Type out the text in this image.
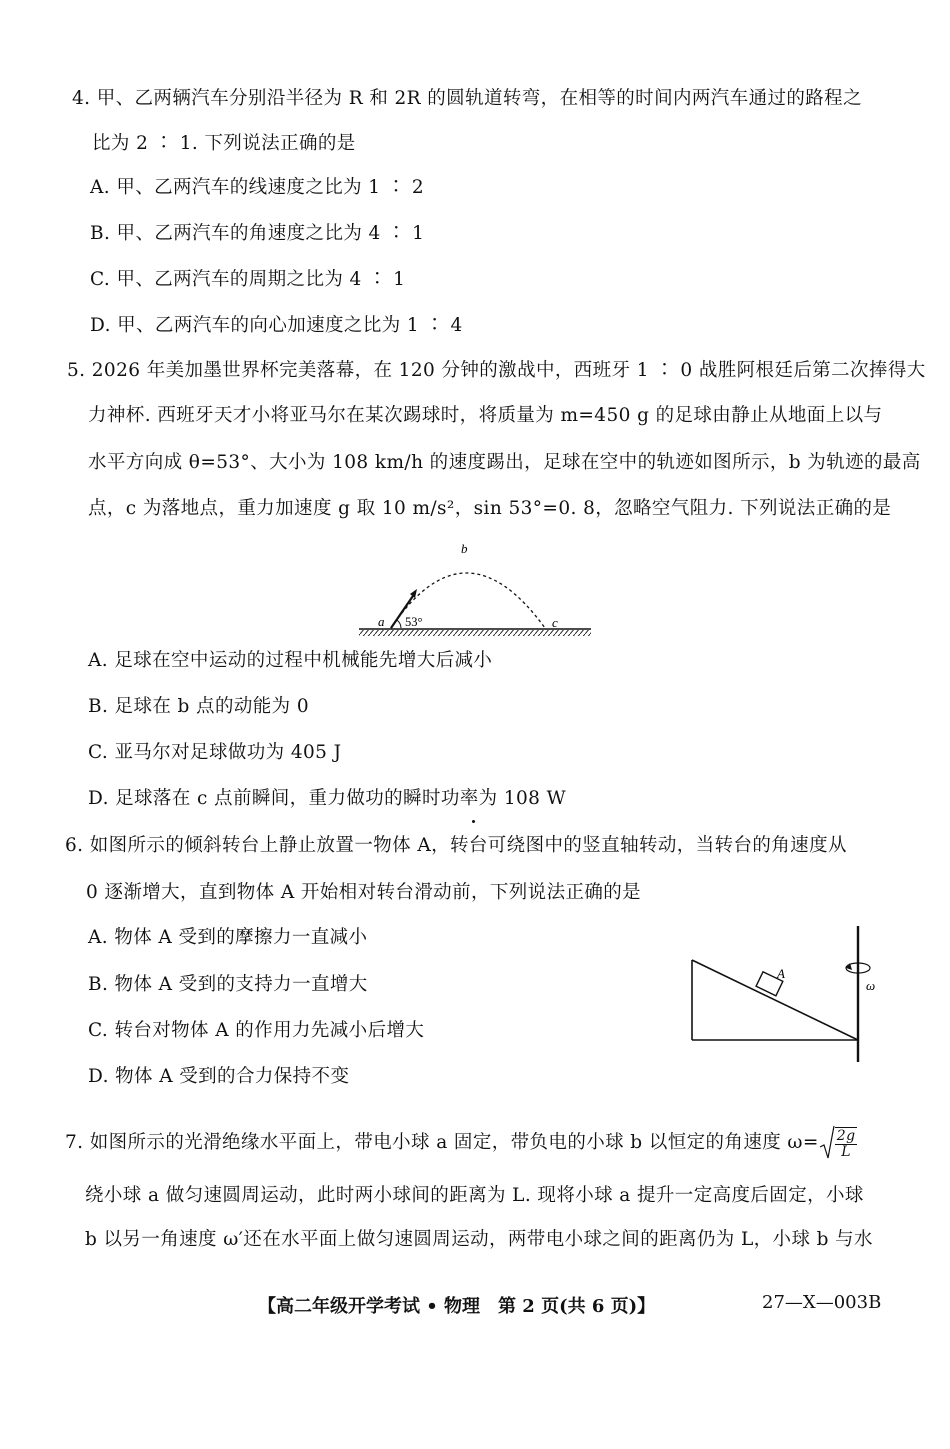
4. 甲、乙两辆汽车分别沿半径为 R 和 2R 的圆轨道转弯，在相等的时间内两汽车通过的路程之
比为 2 ∶ 1. 下列说法正确的是
A. 甲、乙两汽车的线速度之比为 1 ∶ 2
B. 甲、乙两汽车的角速度之比为 4 ∶ 1
C. 甲、乙两汽车的周期之比为 4 ∶ 1
D. 甲、乙两汽车的向心加速度之比为 1 ∶ 4
5. 2026 年美加墨世界杯完美落幕，在 120 分钟的激战中，西班牙 1 ∶ 0 战胜阿根廷后第二次捧得大
力神杯. 西班牙天才小将亚马尔在某次踢球时，将质量为 m=450 g 的足球由静止从地面上以与
水平方向成 θ=53°、大小为 108 km/h 的速度踢出，足球在空中的轨迹如图所示，b 为轨迹的最高
点，c 为落地点，重力加速度 g 取 10 m/s²，sin 53°=0. 8，忽略空气阻力. 下列说法正确的是
a 53°
b
c
A. 足球在空中运动的过程中机械能先增大后减小
B. 足球在 b 点的动能为 0
C. 亚马尔对足球做功为 405 J
D. 足球落在 c 点前瞬间，重力做功的瞬时功率为 108 W
6. 如图所示的倾斜转台上静止放置一物体 A，转台可绕图中的竖直轴转动，当转台的角速度从
0 逐渐增大，直到物体 A 开始相对转台滑动前，下列说法正确的是
A. 物体 A 受到的摩擦力一直减小
B. 物体 A 受到的支持力一直增大
C. 转台对物体 A 的作用力先减小后增大
D. 物体 A 受到的合力保持不变
A
ω
7. 如图所示的光滑绝缘水平面上，带电小球 a 固定，带负电的小球 b 以恒定的角速度 $\omega= \frac{2g}{L}$
绕小球 a 做匀速圆周运动，此时两小球间的距离为 L. 现将小球 a 提升一定高度后固定，小球
b 以另一角速度 ω′还在水平面上做匀速圆周运动，两带电小球之间的距离仍为 L，小球 b 与水
【高二年级开学考试 • 物理　第 2 页(共 6 页)】	27—X—003B
